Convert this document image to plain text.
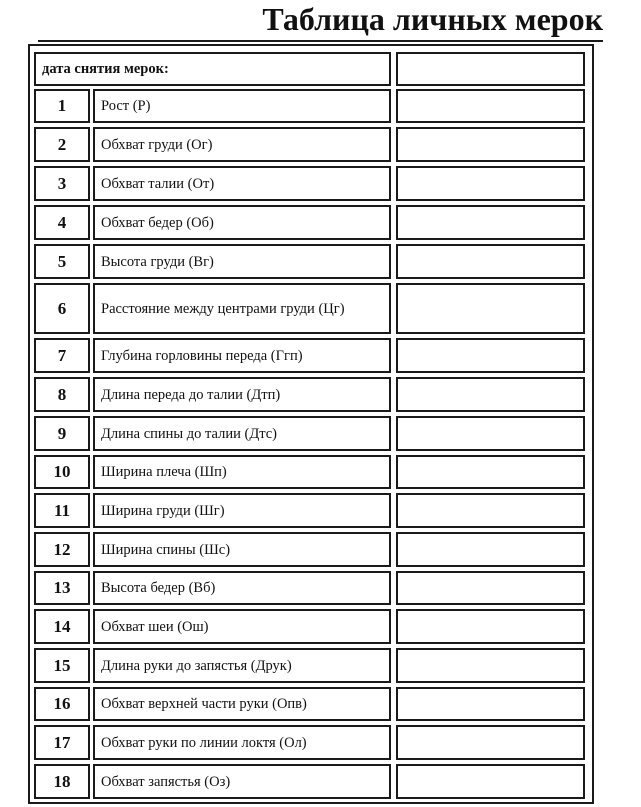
Таблица личных мерок
дата снятия мерок:
1	Рост (Р)
2	Обхват груди (Ог)
3	Обхват талии (От)
4	Обхват бедер (Об)
5	Высота груди (Вг)
6	Расстояние между центрами груди (Цг)
7	Глубина горловины переда (Ггп)
8	Длина переда до талии (Дтп)
9	Длина спины до талии (Дтс)
10	Ширина плеча (Шп)
11	Ширина груди (Шг)
12	Ширина спины (Шс)
13	Высота бедер (Вб)
14	Обхват шеи (Ош)
15	Длина руки до запястья (Друк)
16	Обхват верхней части руки (Опв)
17	Обхват руки по линии локтя (Ол)
18	Обхват запястья (Оз)
